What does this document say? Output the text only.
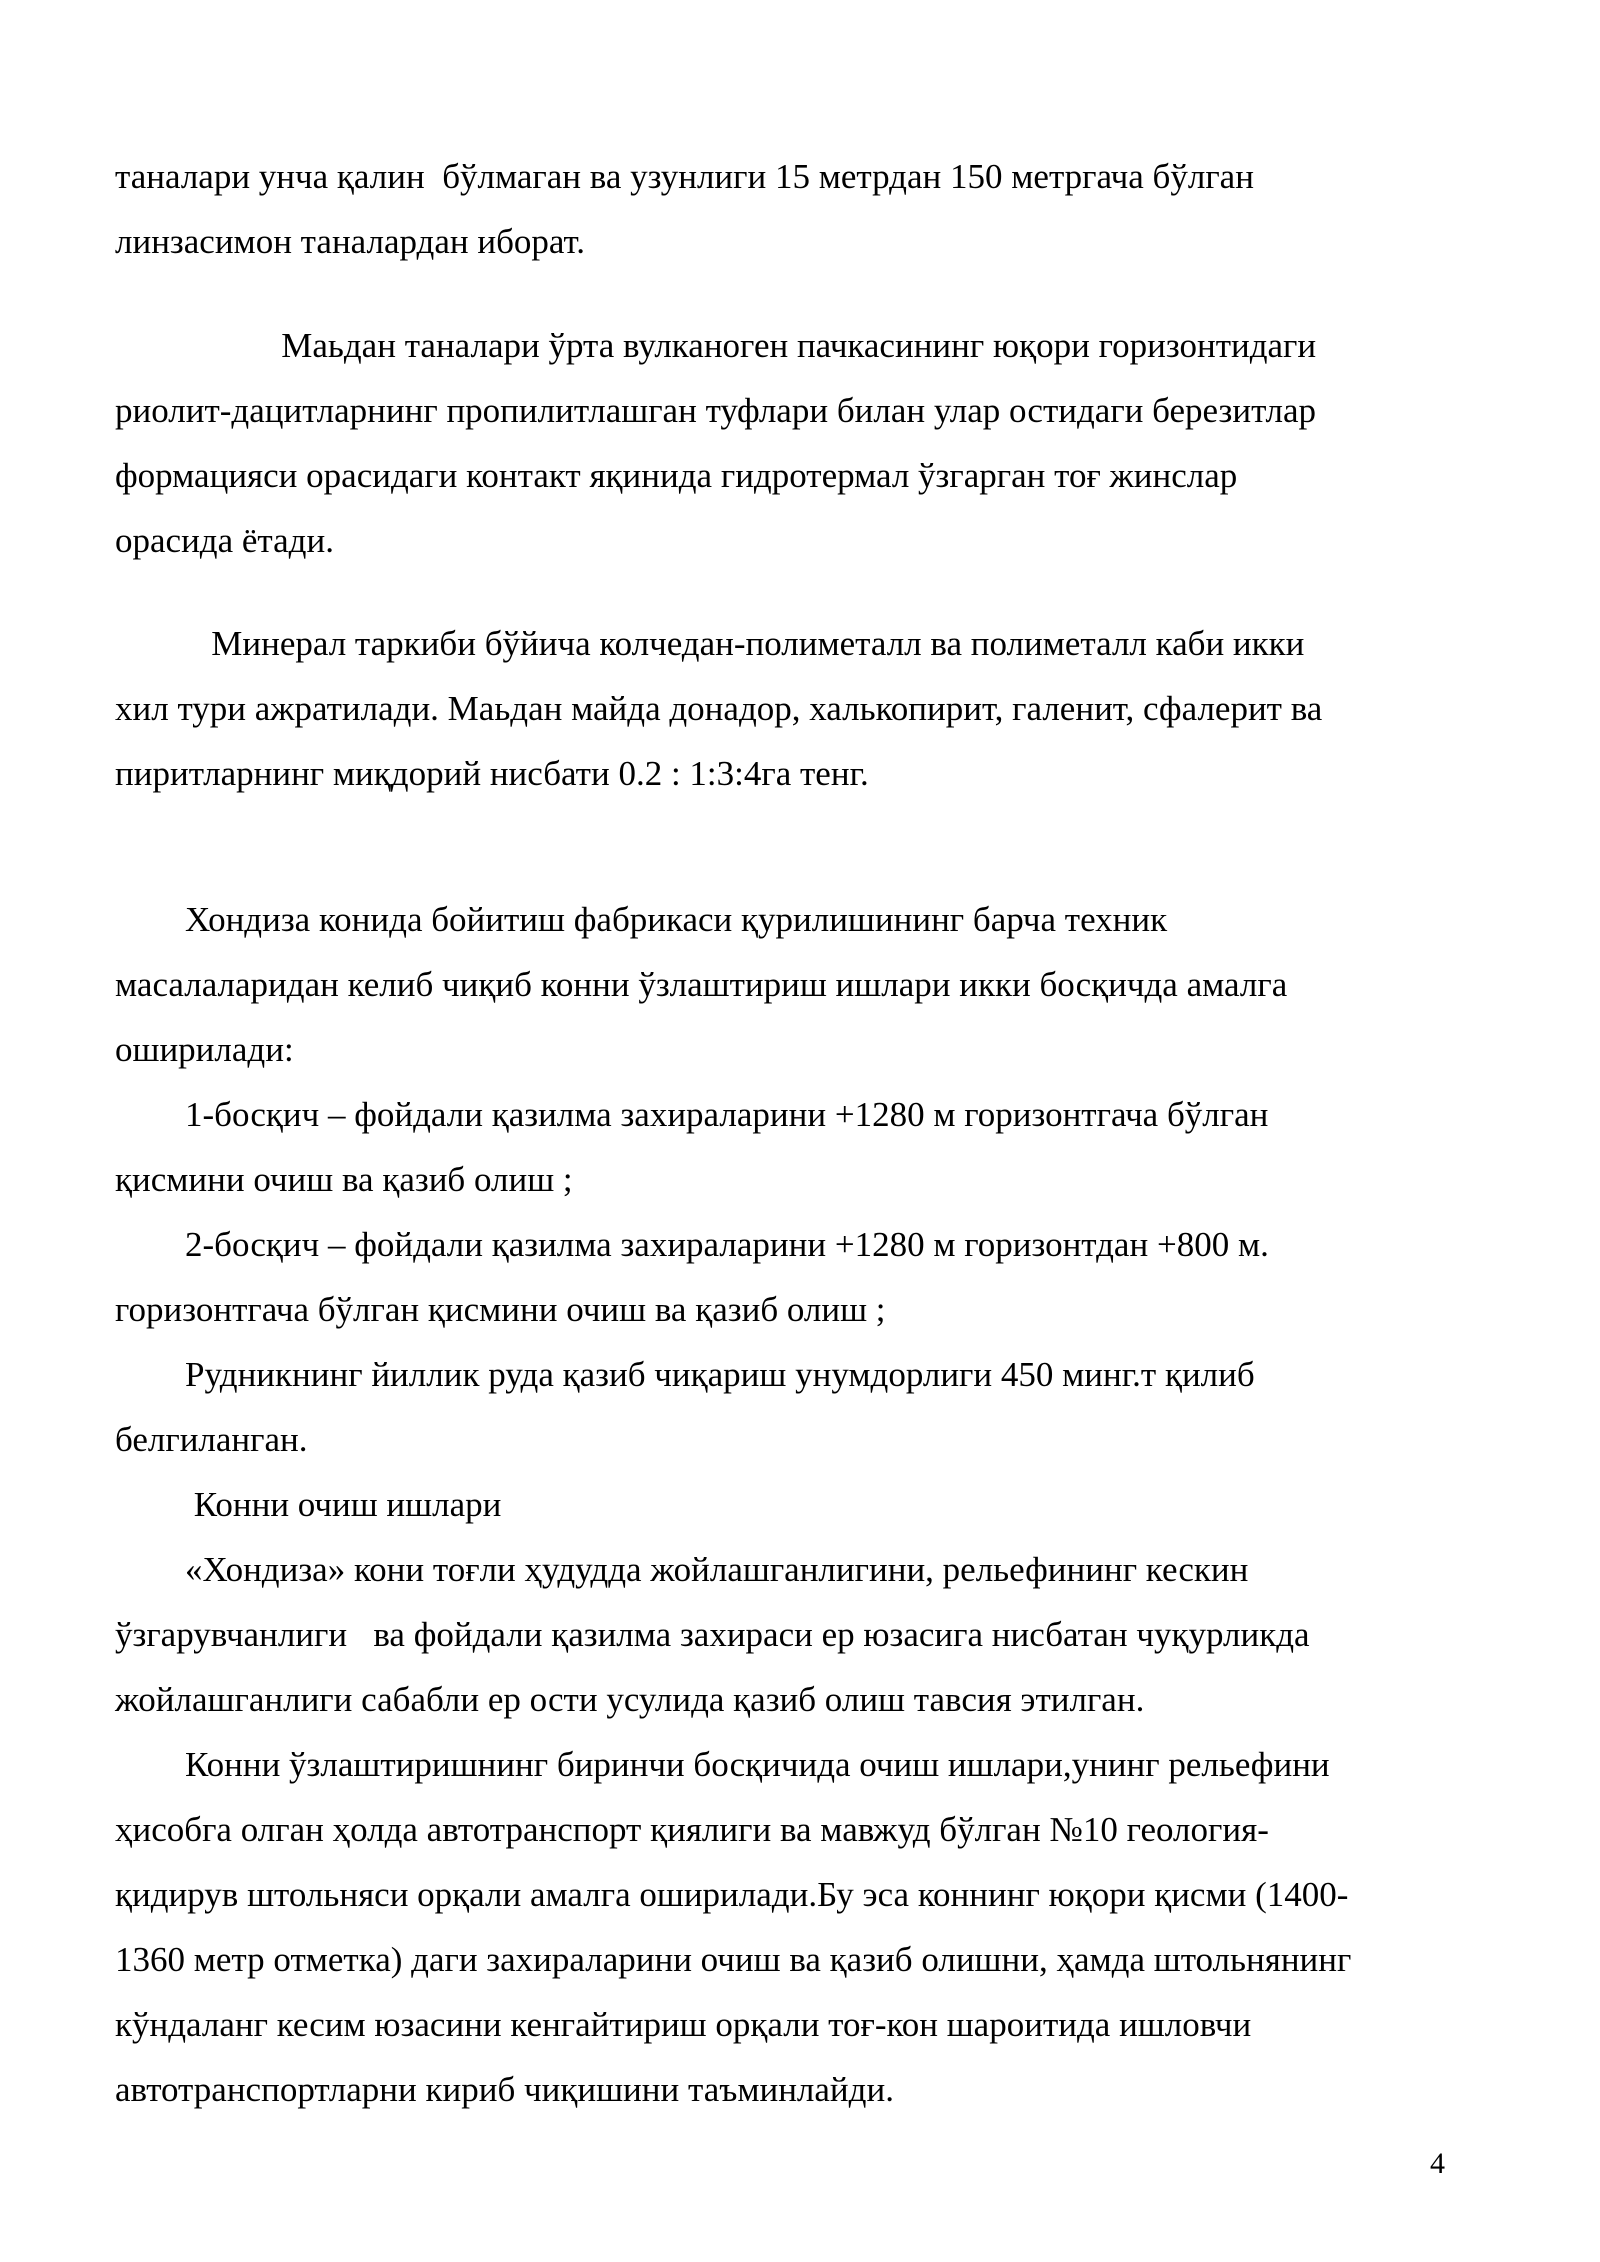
таналари унча қалин  бўлмаган ва узунлиги 15 метрдан 150 метргача бўлган
линзасимон таналардан иборат.
Маьдан таналари ўрта вулканоген пачкасининг юқори горизонтидаги
риолит-дацитларнинг пропилитлашган туфлари билан улар остидаги березитлар
формацияси орасидаги контакт яқинида гидротермал ўзгарган тоғ жинслар
орасида ётади.
Минерал таркиби бўйича колчедан-полиметалл ва полиметалл каби икки
хил тури ажратилади. Маьдан майда донадор, халькопирит, галенит, сфалерит ва
пиритларнинг миқдорий нисбати 0.2 : 1:3:4га тенг.
Хондиза конида бойитиш фабрикаси қурилишининг барча техник
масалаларидан келиб чиқиб конни ўзлаштириш ишлари икки босқичда амалга
оширилади:
1-босқич – фойдали қазилма захираларини +1280 м горизонтгача бўлган
қисмини очиш ва қазиб олиш ;
2-босқич – фойдали қазилма захираларини +1280 м горизонтдан +800 м.
горизонтгача бўлган қисмини очиш ва қазиб олиш ;
Рудникнинг йиллик руда қазиб чиқариш унумдорлиги 450 минг.т қилиб
белгиланган.
Конни очиш ишлари
«Хондиза» кони тоғли ҳудудда жойлашганлигини, рельефининг кескин
ўзгарувчанлиги   ва фойдали қазилма захираси ер юзасига нисбатан чуқурликда
жойлашганлиги сабабли ер ости усулида қазиб олиш тавсия этилган.
Конни ўзлаштиришнинг биринчи босқичида очиш ишлари,унинг рельефини
ҳисобга олган ҳолда автотранспорт қиялиги ва мавжуд бўлган №10 геология-
қидирув штольняси орқали амалга оширилади.Бу эса коннинг юқори қисми (1400-
1360 метр отметка) даги захираларини очиш ва қазиб олишни, ҳамда штольнянинг
кўндаланг кесим юзасини кенгайтириш орқали тоғ-кон шароитида ишловчи
автотранспортларни кириб чиқишини таъминлайди.
4
